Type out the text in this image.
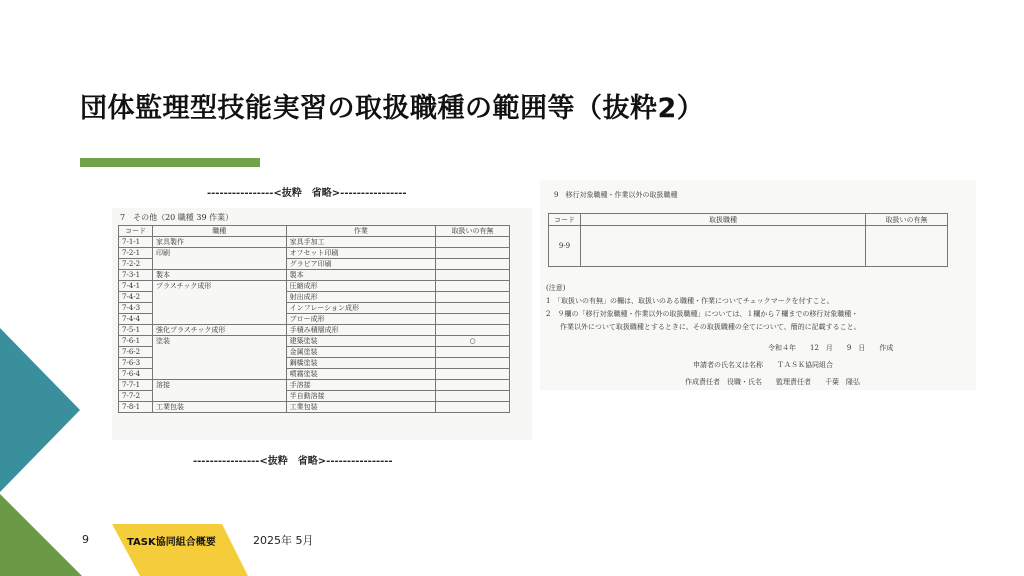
団体監理型技能実習の取扱職種の範囲等（抜粋2）
----------------<抜粋　省略>----------------
7　その他（20 職種 39 作業）
コード	職種	作業	取扱いの有無
7-1-1	家具製作	家具手加工	
7-2-1	印刷	オフセット印刷	
7-2-2		グラビア印刷	
7-3-1	製本	製本	
7-4-1	プラスチック成形	圧縮成形	
7-4-2		射出成形	
7-4-3		インフレーション成形	
7-4-4		ブロー成形	
7-5-1	強化プラスチック成形	手積み積層成形	
7-6-1	塗装	建築塗装	○
7-6-2		金属塗装	
7-6-3		鋼橋塗装	
7-6-4		噴霧塗装	
7-7-1	溶接	手溶接	
7-7-2		半自動溶接	
7-8-1	工業包装	工業包装	
----------------<抜粋　省略>----------------
9　移行対象職種・作業以外の取扱職種
コード	取扱職種	取扱いの有無
9-9		
(注意)
1　「取扱いの有無」の欄は、取扱いのある職種・作業についてチェックマークを付すこと。
2　９欄の「移行対象職種・作業以外の取扱職種」については、１欄から７欄までの移行対象職種・
作業以外について取扱職種とするときに、その取扱職種の全てについて、簡的に記載すること。
令和４年　　12　月　　9　日　　作成
申請者の氏名又は名称　　ＴＡＳＫ協同組合
作成責任者　役職・氏名　　監理責任者　　千葉　隆弘
9	TASK協同組合概要	2025年 5月
